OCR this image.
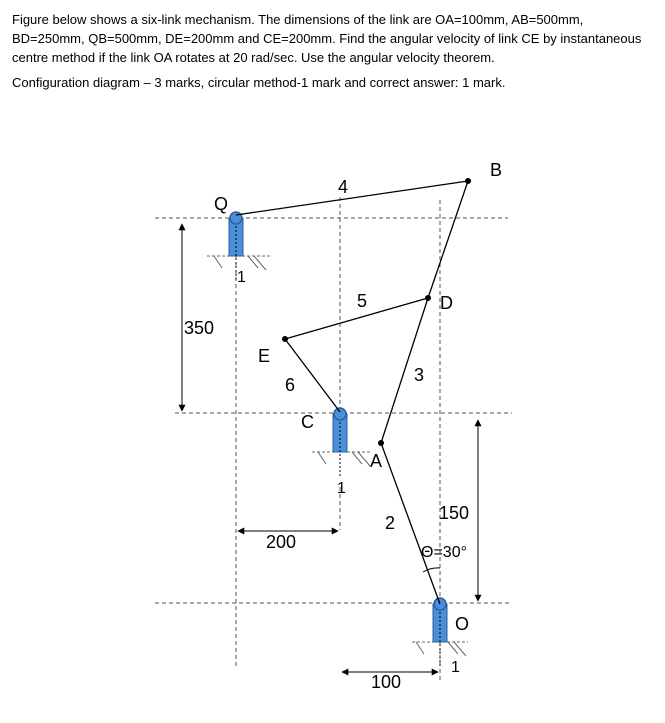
Figure below shows a six-link mechanism. The dimensions of the link are OA=100mm, AB=500mm, BD=250mm, QB=500mm, DE=200mm and CE=200mm. Find the angular velocity of link CE by instantaneous centre method if the link OA rotates at 20 rad/sec. Use the angular velocity theorem.

Configuration diagram – 3 marks, circular method-1 mark and correct answer: 1 mark.
B
Q
D
E
C
A
O
4
5
3
6
2
1
1
1
350
150
200
100
Θ=30°
